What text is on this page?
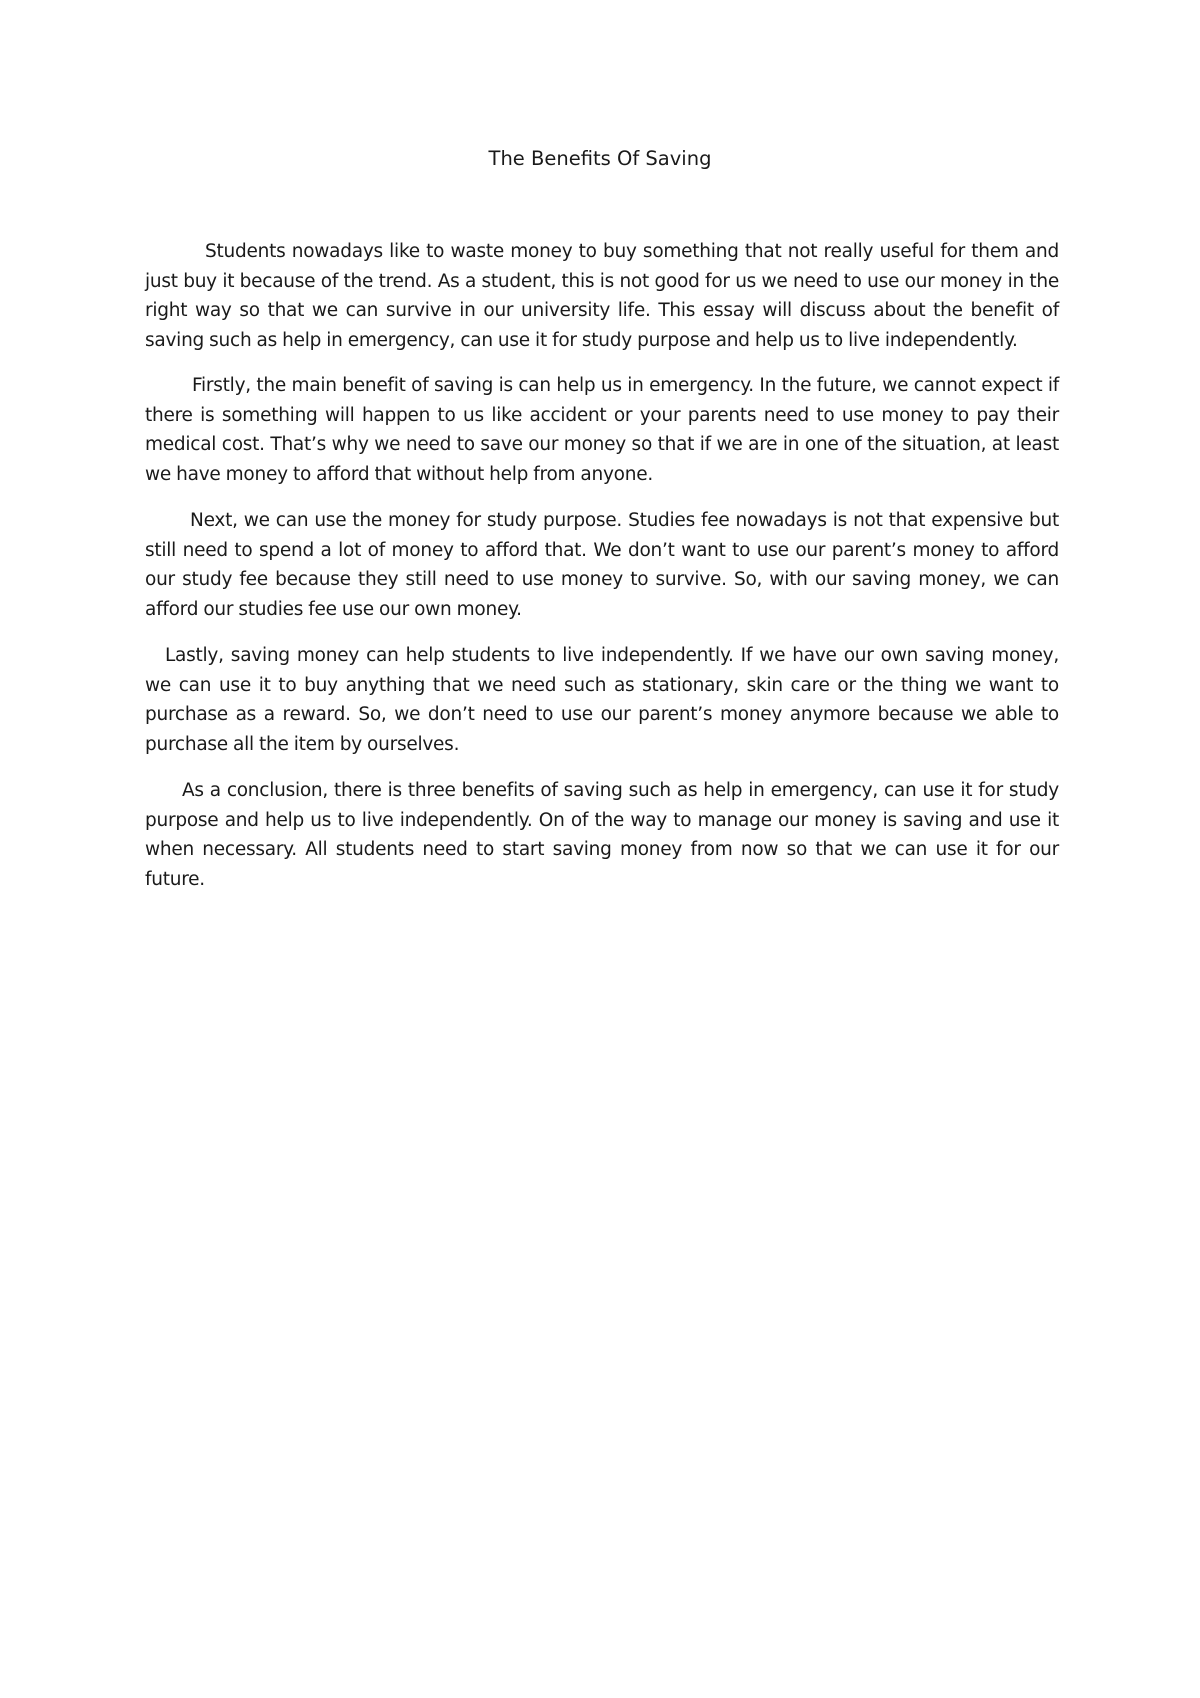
The Benefits Of Saving

Students nowadays like to waste money to buy something that not really useful for them and just buy it because of the trend. As a student, this is not good for us we need to use our money in the right way so that we can survive in our university life. This essay will discuss about the benefit of saving such as help in emergency, can use it for study purpose and help us to live independently.

Firstly, the main benefit of saving is can help us in emergency. In the future, we cannot expect if there is something will happen to us like accident or your parents need to use money to pay their medical cost. That’s why we need to save our money so that if we are in one of the situation, at least we have money to afford that without help from anyone.

Next, we can use the money for study purpose. Studies fee nowadays is not that expensive but still need to spend a lot of money to afford that. We don’t want to use our parent’s money to afford our study fee because they still need to use money to survive. So, with our saving money, we can afford our studies fee use our own money.

Lastly, saving money can help students to live independently. If we have our own saving money, we can use it to buy anything that we need such as stationary, skin care or the thing we want to purchase as a reward. So, we don’t need to use our parent’s money anymore because we able to purchase all the item by ourselves.

As a conclusion, there is three benefits of saving such as help in emergency, can use it for study purpose and help us to live independently. On of the way to manage our money is saving and use it when necessary. All students need to start saving money from now so that we can use it for our future.
